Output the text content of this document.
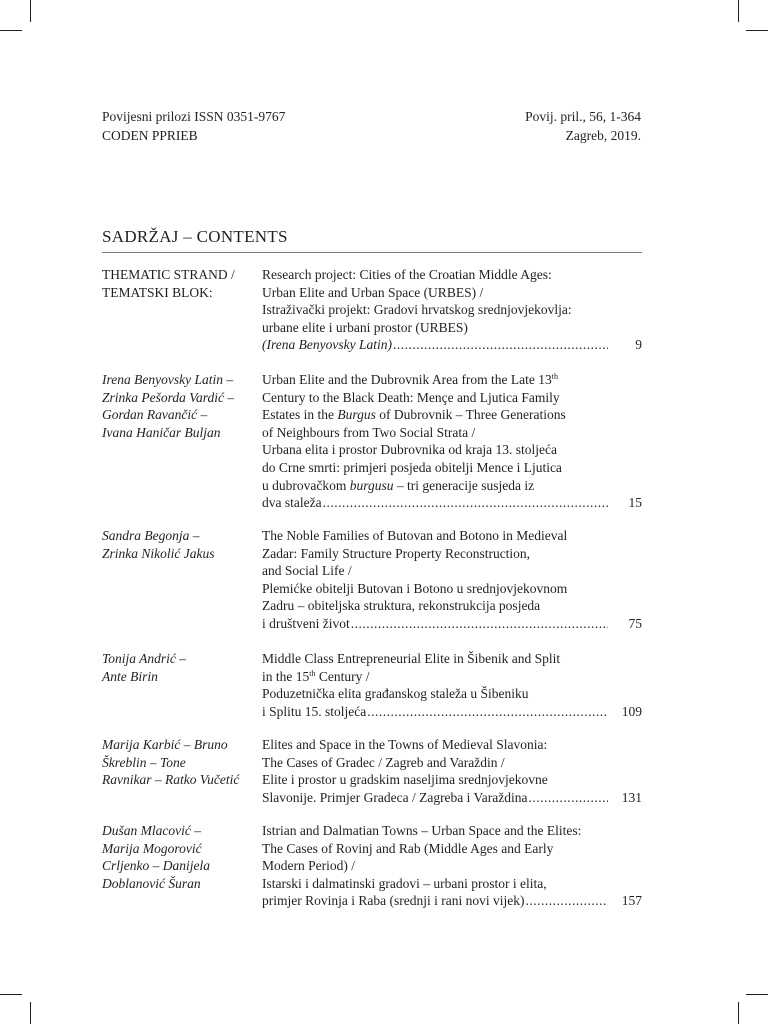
Povijesni prilozi ISSN 0351-9767
CODEN PPRIEB
Povij. pril., 56, 1-364
Zagreb, 2019.
SADRŽAJ – CONTENTS
THEMATIC STRAND /
TEMATSKI BLOK:
Research project: Cities of the Croatian Middle Ages:
Urban Elite and Urban Space (URBES) /
Istraživački projekt: Gradovi hrvatskog srednjovjekovlja:
urbane elite i urbani prostor (URBES)
(Irena Benyovsky Latin) .....	9
Irena Benyovsky Latin –
Zrinka Pešorda Vardić –
Gordan Ravančić –
Ivana Haničar Buljan
Urban Elite and the Dubrovnik Area from the Late 13th
Century to the Black Death: Mençe and Ljutica Family
Estates in the Burgus of Dubrovnik – Three Generations
of Neighbours from Two Social Strata /
Urbana elita i prostor Dubrovnika od kraja 13. stoljeća
do Crne smrti: primjeri posjeda obitelji Mence i Ljutica
u dubrovačkom burgusu – tri generacije susjeda iz
dva staleža .....	15
Sandra Begonja –
Zrinka Nikolić Jakus
The Noble Families of Butovan and Botono in Medieval
Zadar: Family Structure Property Reconstruction,
and Social Life /
Plemićke obitelji Butovan i Botono u srednjovjekovnom
Zadru – obiteljska struktura, rekonstrukcija posjeda
i društveni život .....	75
Tonija Andrić –
Ante Birin
Middle Class Entrepreneurial Elite in Šibenik and Split
in the 15th Century /
Poduzetnička elita građanskog staleža u Šibeniku
i Splitu 15. stoljeća .....	109
Marija Karbić – Bruno
Škreblin – Tone
Ravnikar – Ratko Vučetić
Elites and Space in the Towns of Medieval Slavonia:
The Cases of Gradec / Zagreb and Varaždin /
Elite i prostor u gradskim naseljima srednjovjekovne
Slavonije. Primjer Gradeca / Zagreba i Varaždina .....	131
Dušan Mlacović –
Marija Mogorović
Crljenko – Danijela
Doblanović Šuran
Istrian and Dalmatian Towns – Urban Space and the Elites:
The Cases of Rovinj and Rab (Middle Ages and Early
Modern Period) /
Istarski i dalmatinski gradovi – urbani prostor i elita,
primjer Rovinja i Raba (srednji i rani novi vijek) .....	157
